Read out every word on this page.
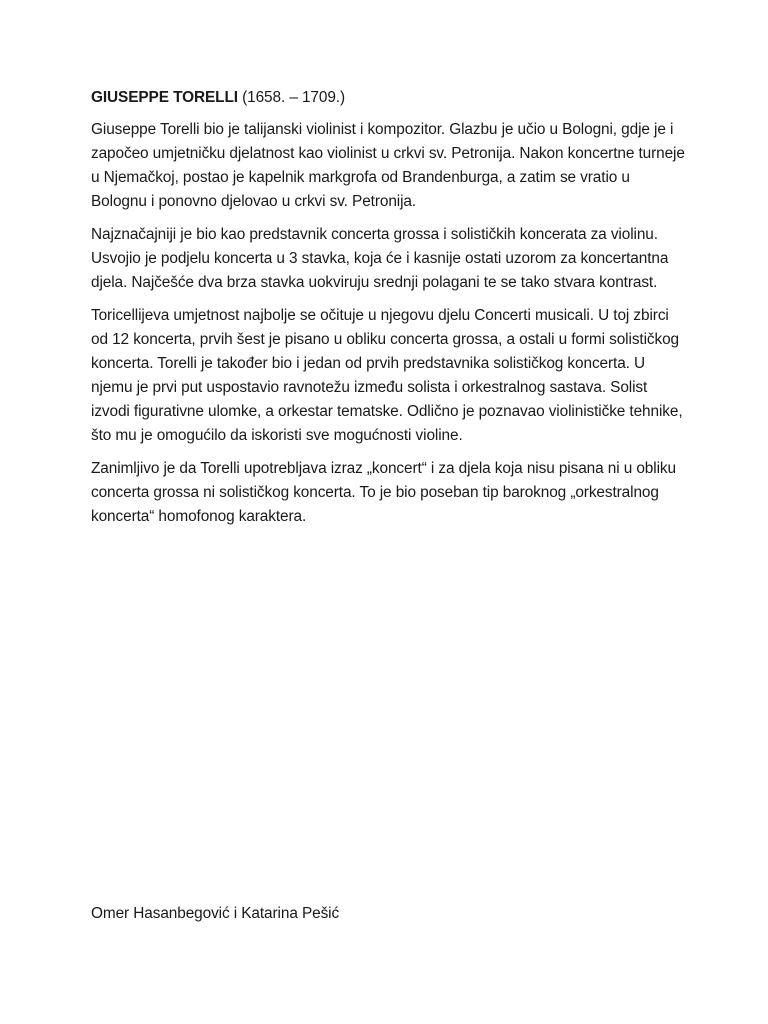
GIUSEPPE TORELLI (1658. – 1709.)

Giuseppe Torelli bio je talijanski violinist i kompozitor. Glazbu je učio u Bologni, gdje je i započeo umjetničku djelatnost kao violinist u crkvi sv. Petronija. Nakon koncertne turneje u Njemačkoj, postao je kapelnik markgrofa od Brandenburga, a zatim se vratio u Bolognu i ponovno djelovao u crkvi sv. Petronija.

Najznačajniji je bio kao predstavnik concerta grossa i solističkih koncerata za violinu. Usvojio je podjelu koncerta u 3 stavka, koja će i kasnije ostati uzorom za koncertantna djela. Najčešće dva brza stavka uokviruju srednji polagani te se tako stvara kontrast.

Toricellijeva umjetnost najbolje se očituje u njegovu djelu Concerti musicali. U toj zbirci od 12 koncerta, prvih šest je pisano u obliku concerta grossa, a ostali u formi solističkog koncerta. Torelli je također bio i jedan od prvih predstavnika solističkog koncerta. U njemu je prvi put uspostavio ravnotežu između solista i orkestralnog sastava. Solist izvodi figurativne ulomke, a orkestar tematske. Odlično je poznavao violinističke tehnike, što mu je omogućilo da iskoristi sve mogućnosti violine.

Zanimljivo je da Torelli upotrebljava izraz „koncert“ i za djela koja nisu pisana ni u obliku concerta grossa ni solističkog koncerta. To je bio poseban tip baroknog „orkestralnog koncerta“ homofonog karaktera.

Omer Hasanbegović i Katarina Pešić
